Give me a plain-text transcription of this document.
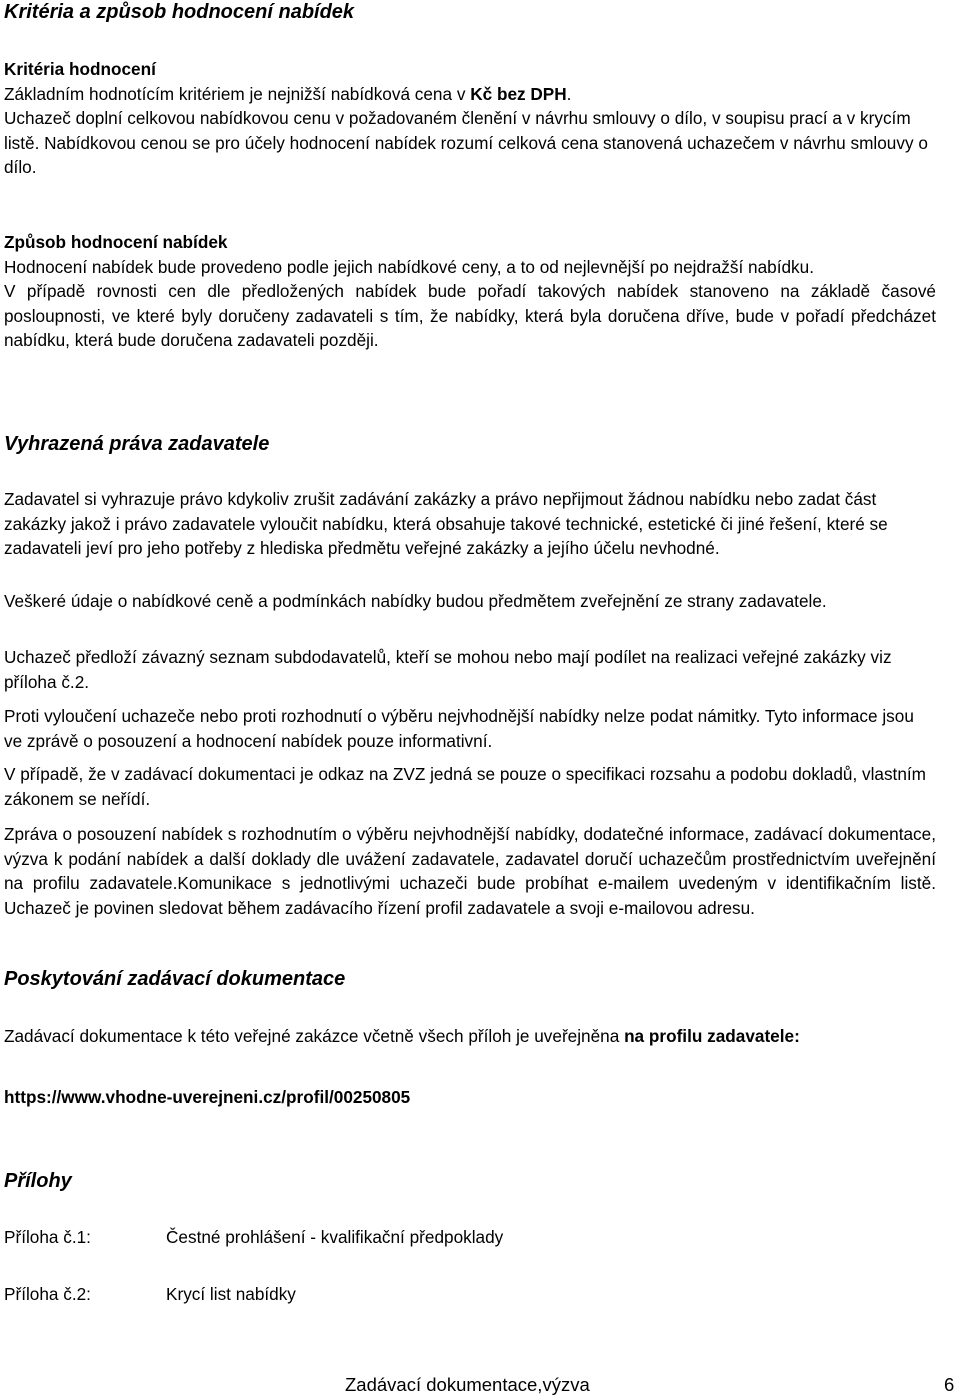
Kritéria a způsob hodnocení nabídek
Kritéria hodnocení
Základním hodnotícím kritériem je nejnižší nabídková cena v Kč bez DPH.
Uchazeč doplní celkovou nabídkovou cenu v požadovaném členění v návrhu smlouvy o dílo, v soupisu prací a v krycím listě. Nabídkovou cenou se pro účely hodnocení nabídek rozumí celková cena stanovená uchazečem v návrhu smlouvy o dílo.
Způsob hodnocení nabídek
Hodnocení nabídek bude provedeno podle jejich nabídkové ceny, a to od nejlevnější po nejdražší nabídku.
V případě rovnosti cen dle předložených nabídek bude pořadí takových nabídek stanoveno na základě časové posloupnosti, ve které byly doručeny zadavateli s tím, že nabídky, která byla doručena dříve, bude v pořadí předcházet nabídku, která bude doručena zadavateli později.
Vyhrazená práva zadavatele
Zadavatel si vyhrazuje právo kdykoliv zrušit zadávání zakázky a právo nepřijmout žádnou nabídku nebo zadat část zakázky jakož i právo zadavatele vyloučit nabídku, která obsahuje takové technické, estetické či jiné řešení, které se zadavateli jeví pro jeho potřeby z hlediska předmětu veřejné zakázky a jejího účelu nevhodné.
Veškeré údaje o nabídkové ceně a podmínkách nabídky budou předmětem zveřejnění ze strany zadavatele.
Uchazeč předloží závazný seznam subdodavatelů, kteří se mohou nebo mají podílet na realizaci veřejné zakázky viz příloha č.2.
Proti vyloučení uchazeče nebo proti rozhodnutí o výběru nejvhodnější nabídky nelze podat námitky. Tyto informace jsou ve zprávě o posouzení a hodnocení nabídek pouze informativní.
V případě, že v zadávací dokumentaci je odkaz na ZVZ jedná se pouze o specifikaci rozsahu a podobu dokladů, vlastním zákonem se neřídí.
Zpráva o posouzení nabídek s rozhodnutím o výběru nejvhodnější nabídky, dodatečné informace, zadávací dokumentace, výzva k podání nabídek a další doklady dle uvážení zadavatele, zadavatel doručí uchazečům prostřednictvím uveřejnění na profilu zadavatele.Komunikace s jednotlivými uchazeči bude probíhat e-mailem uvedeným v identifikačním listě. Uchazeč je povinen sledovat během zadávacího řízení profil zadavatele a svoji e-mailovou adresu.
Poskytování zadávací dokumentace
Zadávací dokumentace k této veřejné zakázce včetně všech příloh je uveřejněna na profilu zadavatele:
https://www.vhodne-uverejneni.cz/profil/00250805
Přílohy
Příloha č.1:	Čestné prohlášení - kvalifikační předpoklady
Příloha č.2:	Krycí list nabídky
Zadávací dokumentace,výzva	6
